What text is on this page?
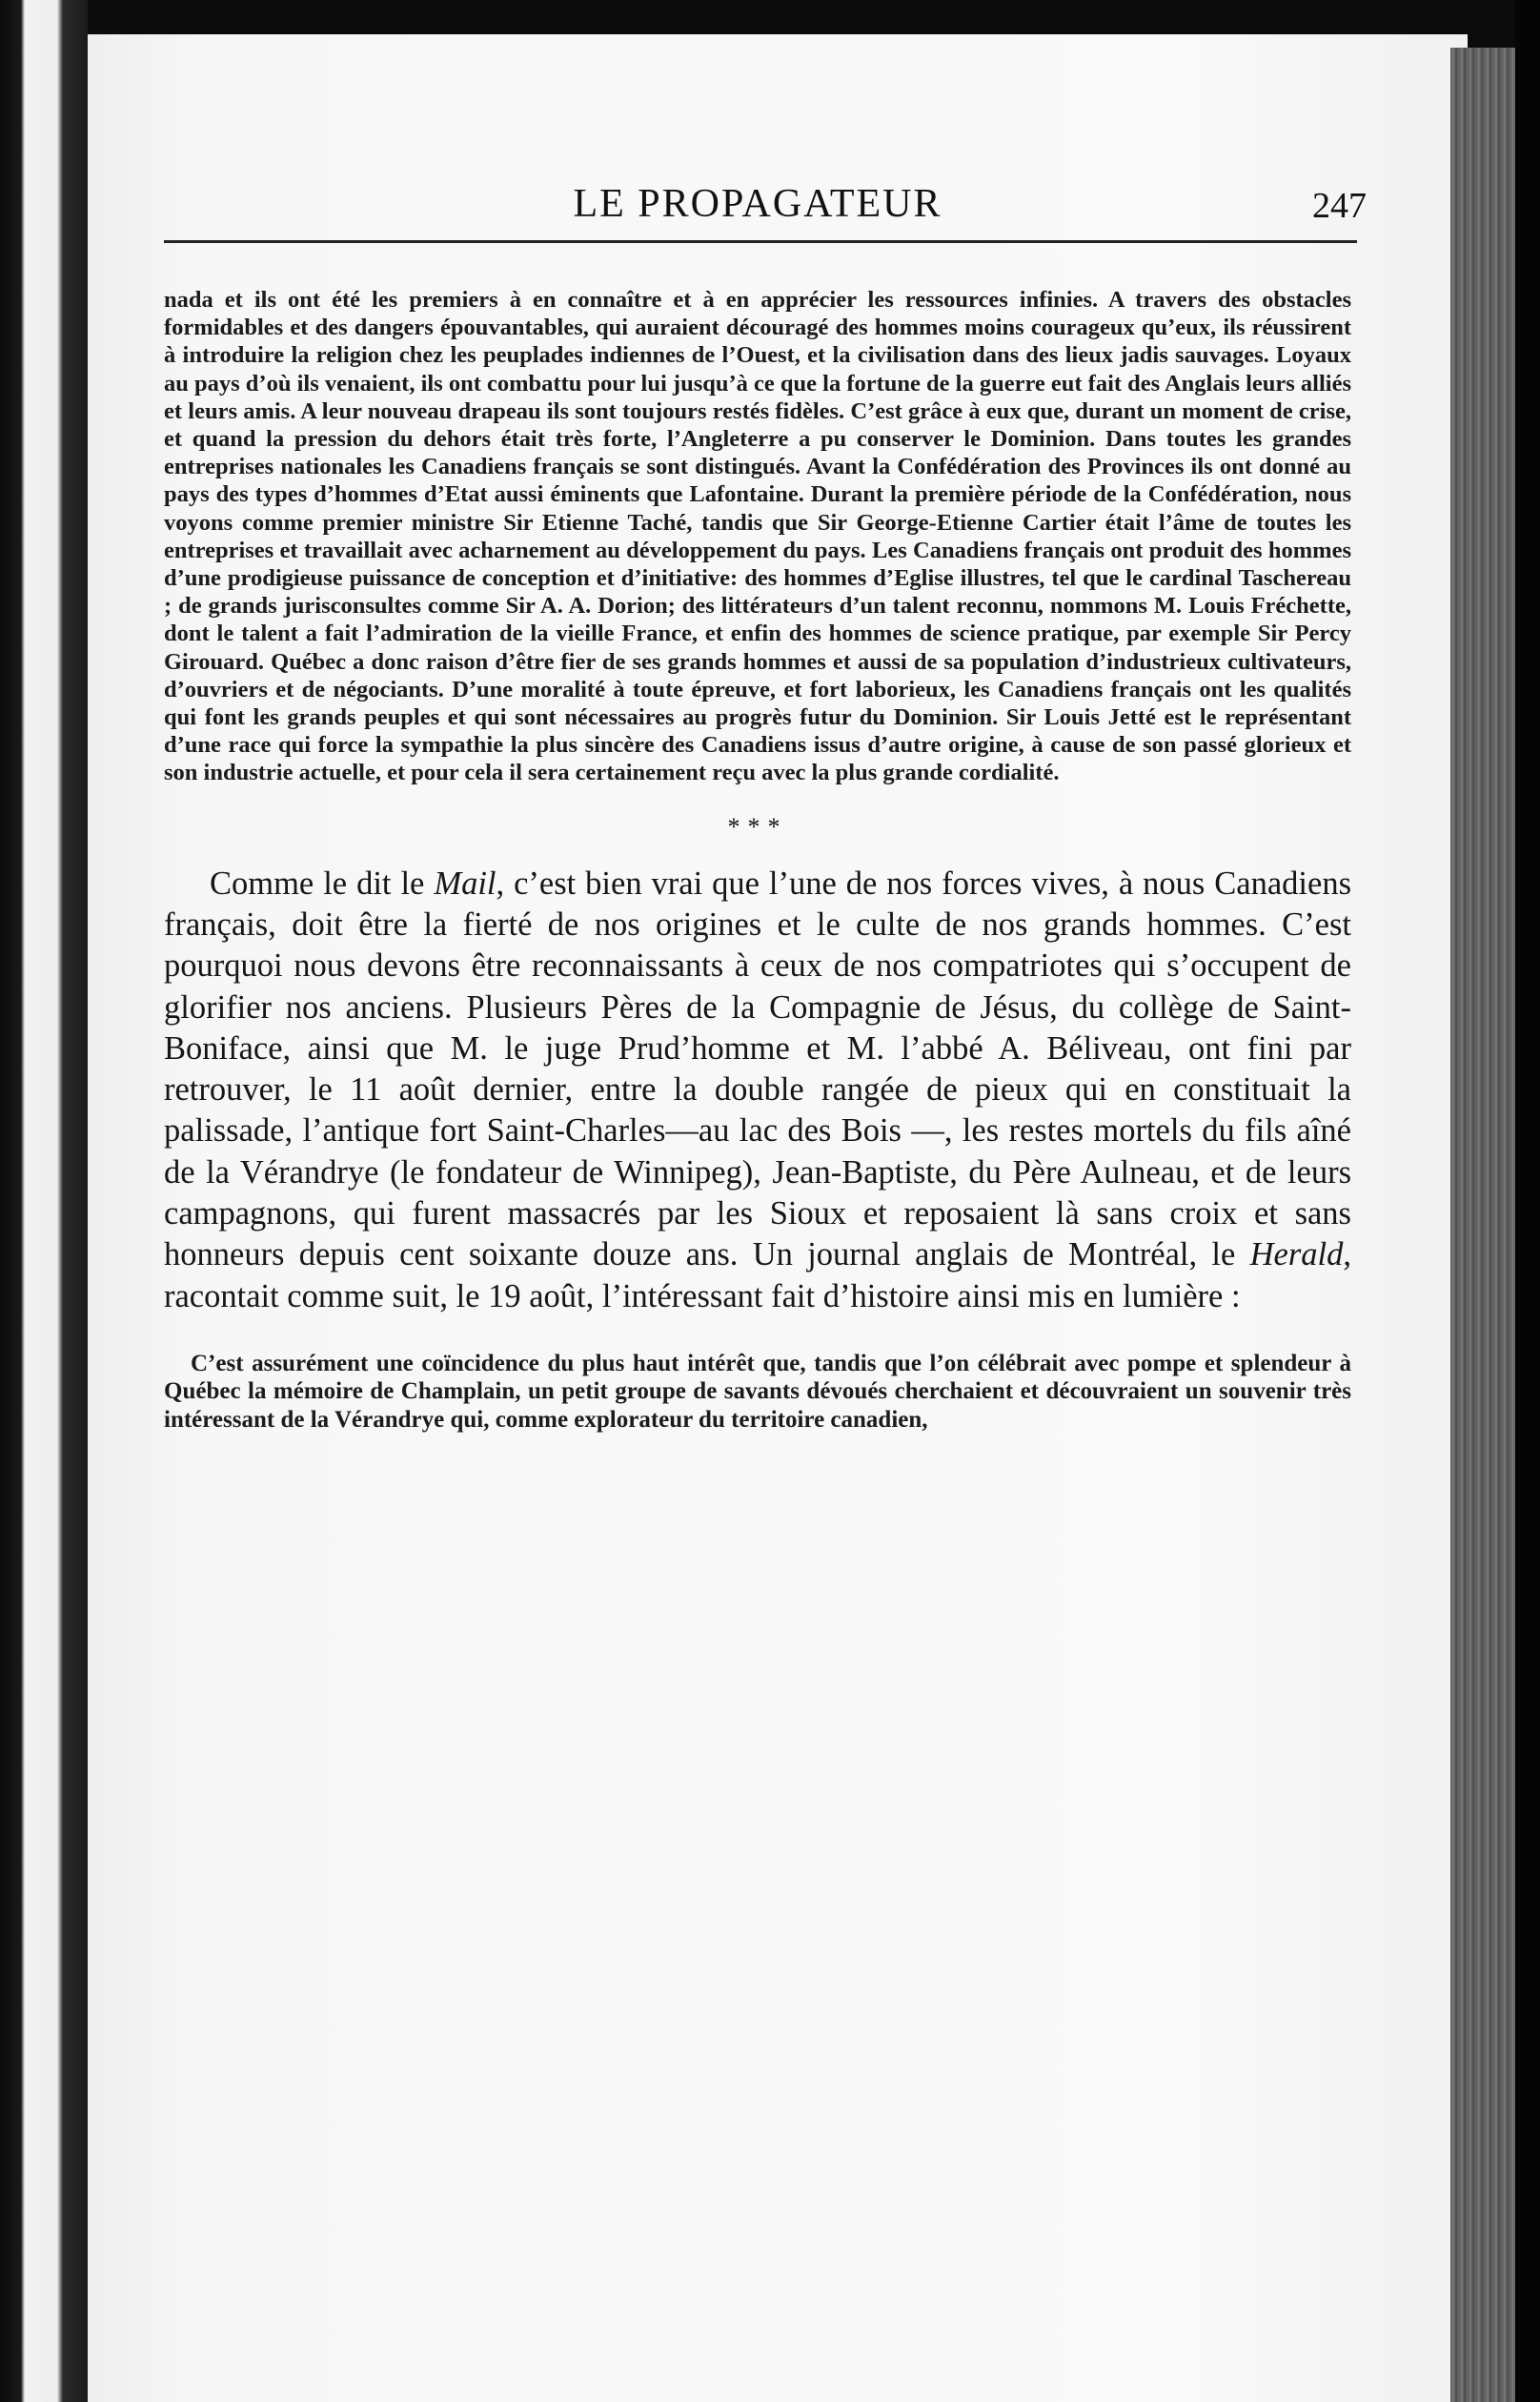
LE PROPAGATEUR	247

nada et ils ont été les premiers à en connaître et à en apprécier les ressources infinies. A travers des obstacles formidables et des dangers épouvantables, qui auraient découragé des hommes moins courageux qu’eux, ils réussirent à introduire la religion chez les peuplades indiennes de l’Ouest, et la civilisation dans des lieux jadis sauvages. Loyaux au pays d’où ils venaient, ils ont combattu pour lui jusqu’à ce que la fortune de la guerre eut fait des Anglais leurs alliés et leurs amis. A leur nouveau drapeau ils sont toujours restés fidèles. C’est grâce à eux que, durant un moment de crise, et quand la pression du dehors était très forte, l’Angleterre a pu conserver le Dominion. Dans toutes les grandes entreprises nationales les Canadiens français se sont distingués. Avant la Confédération des Provinces ils ont donné au pays des types d’hommes d’Etat aussi éminents que Lafontaine. Durant la première période de la Confédération, nous voyons comme premier ministre Sir Etienne Taché, tandis que Sir George-Etienne Cartier était l’âme de toutes les entreprises et travaillait avec acharnement au développement du pays. Les Canadiens français ont produit des hommes d’une prodigieuse puissance de conception et d’initiative: des hommes d’Eglise illustres, tel que le cardinal Taschereau ; de grands jurisconsultes comme Sir A. A. Dorion; des littérateurs d’un talent reconnu, nommons M. Louis Fréchette, dont le talent a fait l’admiration de la vieille France, et enfin des hommes de science pratique, par exemple Sir Percy Girouard. Québec a donc raison d’être fier de ses grands hommes et aussi de sa population d’industrieux cultivateurs, d’ouvriers et de négociants. D’une moralité à toute épreuve, et fort laborieux, les Canadiens français ont les qualités qui font les grands peuples et qui sont nécessaires au progrès futur du Dominion. Sir Louis Jetté est le représentant d’une race qui force la sympathie la plus sincère des Canadiens issus d’autre origine, à cause de son passé glorieux et son industrie actuelle, et pour cela il sera certainement reçu avec la plus grande cordialité.

***

Comme le dit le Mail, c’est bien vrai que l’une de nos forces vives, à nous Canadiens français, doit être la fierté de nos origines et le culte de nos grands hommes. C’est pourquoi nous devons être reconnaissants à ceux de nos compatriotes qui s’occupent de glorifier nos anciens. Plusieurs Pères de la Compagnie de Jésus, du collège de Saint-Boniface, ainsi que M. le juge Prud’homme et M. l’abbé A. Béliveau, ont fini par retrouver, le 11 août dernier, entre la double rangée de pieux qui en constituait la palissade, l’antique fort Saint-Charles—au lac des Bois —, les restes mortels du fils aîné de la Vérandrye (le fondateur de Winnipeg), Jean-Baptiste, du Père Aulneau, et de leurs campagnons, qui furent massacrés par les Sioux et reposaient là sans croix et sans honneurs depuis cent soixante douze ans. Un journal anglais de Montréal, le Herald, racontait comme suit, le 19 août, l’intéressant fait d’histoire ainsi mis en lumière :

C’est assurément une coïncidence du plus haut intérêt que, tandis que l’on célébrait avec pompe et splendeur à Québec la mémoire de Champlain, un petit groupe de savants dévoués cherchaient et découvraient un souvenir très intéressant de la Vérandrye qui, comme explorateur du territoire canadien,
